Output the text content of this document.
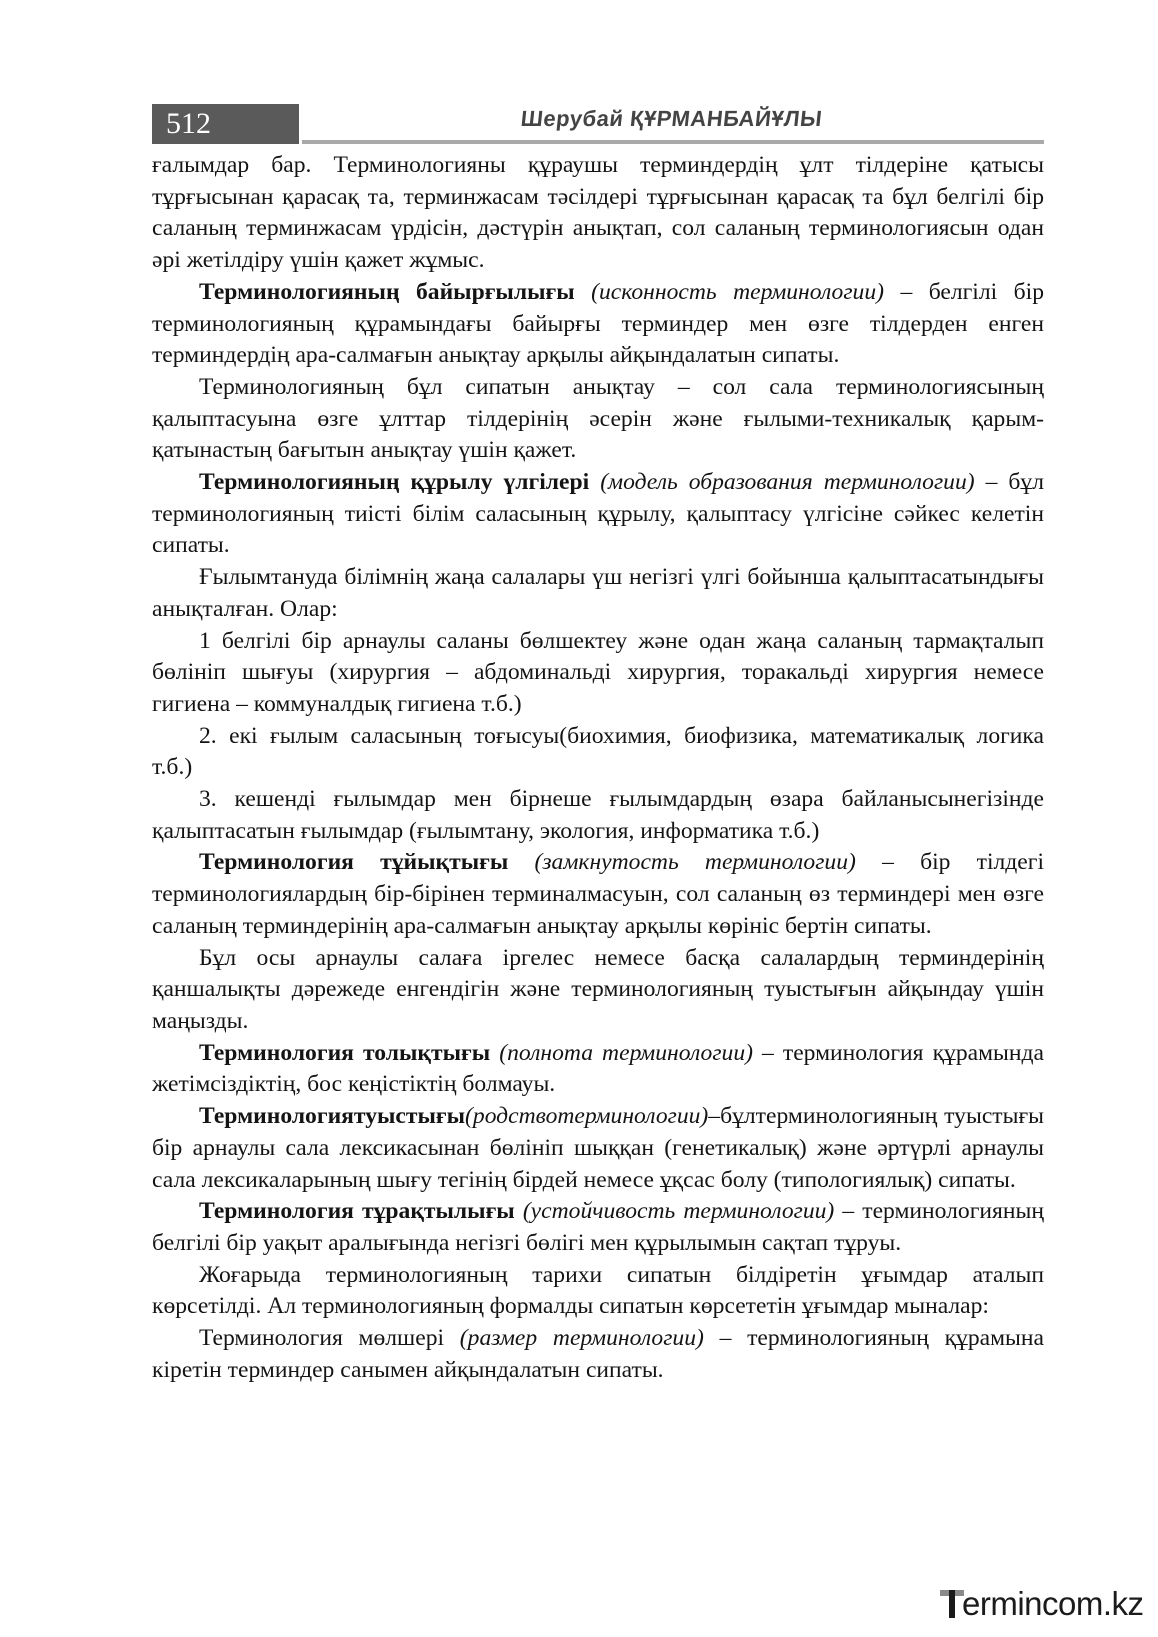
512	Шерубай ҚҰРМАНБАЙҰЛЫ

ғалымдар бар. Терминологияны құраушы терминдердің ұлт тілдеріне қатысы тұрғысынан қарасақ та, терминжасам тәсілдері тұрғысынан қарасақ та бұл белгілі бір саланың терминжасам үрдісін, дәстүрін анықтап, сол саланың терминологиясын одан әрі жетілдіру үшін қажет жұмыс.

Терминологияның байырғылығы (исконность терминологии) – белгілі бір терминологияның құрамындағы байырғы терминдер мен өзге тілдерден енген терминдердің ара-салмағын анықтау арқылы айқындалатын сипаты.

Терминологияның бұл сипатын анықтау – сол сала терминологиясының қалыптасуына өзге ұлттар тілдерінің әсерін және ғылыми-техникалық қарым-қатынастың бағытын анықтау үшін қажет.

Терминологияның құрылу үлгілері (модель образования терминологии) – бұл терминологияның тиісті білім саласының құрылу, қалыптасу үлгісіне сәйкес келетін сипаты.

Ғылымтануда білімнің жаңа салалары үш негізгі үлгі бойынша қалыптасатындығы анықталған. Олар:

1 белгілі бір арнаулы саланы бөлшектеу және одан жаңа саланың тармақталып бөлініп шығуы (хирургия – абдоминальді хирургия, торакальді хирургия немесе гигиена – коммуналдық гигиена т.б.)

2. екі ғылым саласының тоғысуы(биохимия, биофизика, математикалық логика т.б.)

3. кешенді ғылымдар мен бірнеше ғылымдардың өзара байланысынегізінде қалыптасатын ғылымдар (ғылымтану, экология, информатика т.б.)

Терминология тұйықтығы (замкнутость терминологии) – бір тілдегі терминологиялардың бір-бірінен терминалмасуын, сол саланың өз терминдері мен өзге саланың терминдерінің ара-салмағын анықтау арқылы көрініс бертін сипаты.

Бұл осы арнаулы салаға іргелес немесе басқа салалардың терминдерінің қаншалықты дәрежеде енгендігін және терминологияның туыстығын айқындау үшін маңызды.

Терминология толықтығы (полнота терминологии) – терминология құрамында жетімсіздіктің, бос кеңістіктің болмауы.

Терминологиятуыстығы(родствотерминологии)–бұлтерминологияның туыстығы бір арнаулы сала лексикасынан бөлініп шыққан (генетикалық) және әртүрлі арнаулы сала лексикаларының шығу тегінің бірдей немесе ұқсас болу (типологиялық) сипаты.

Терминология тұрақтылығы (устойчивость терминологии) – терминологияның белгілі бір уақыт аралығында негізгі бөлігі мен құрылымын сақтап тұруы.

Жоғарыда терминологияның тарихи сипатын білдіретін ұғымдар аталып көрсетілді. Ал терминологияның формалды сипатын көрсететін ұғымдар мыналар:

Терминология мөлшері (размер терминологии) – терминологияның құрамына кіретін терминдер санымен айқындалатын сипаты.

ermincom.kz
